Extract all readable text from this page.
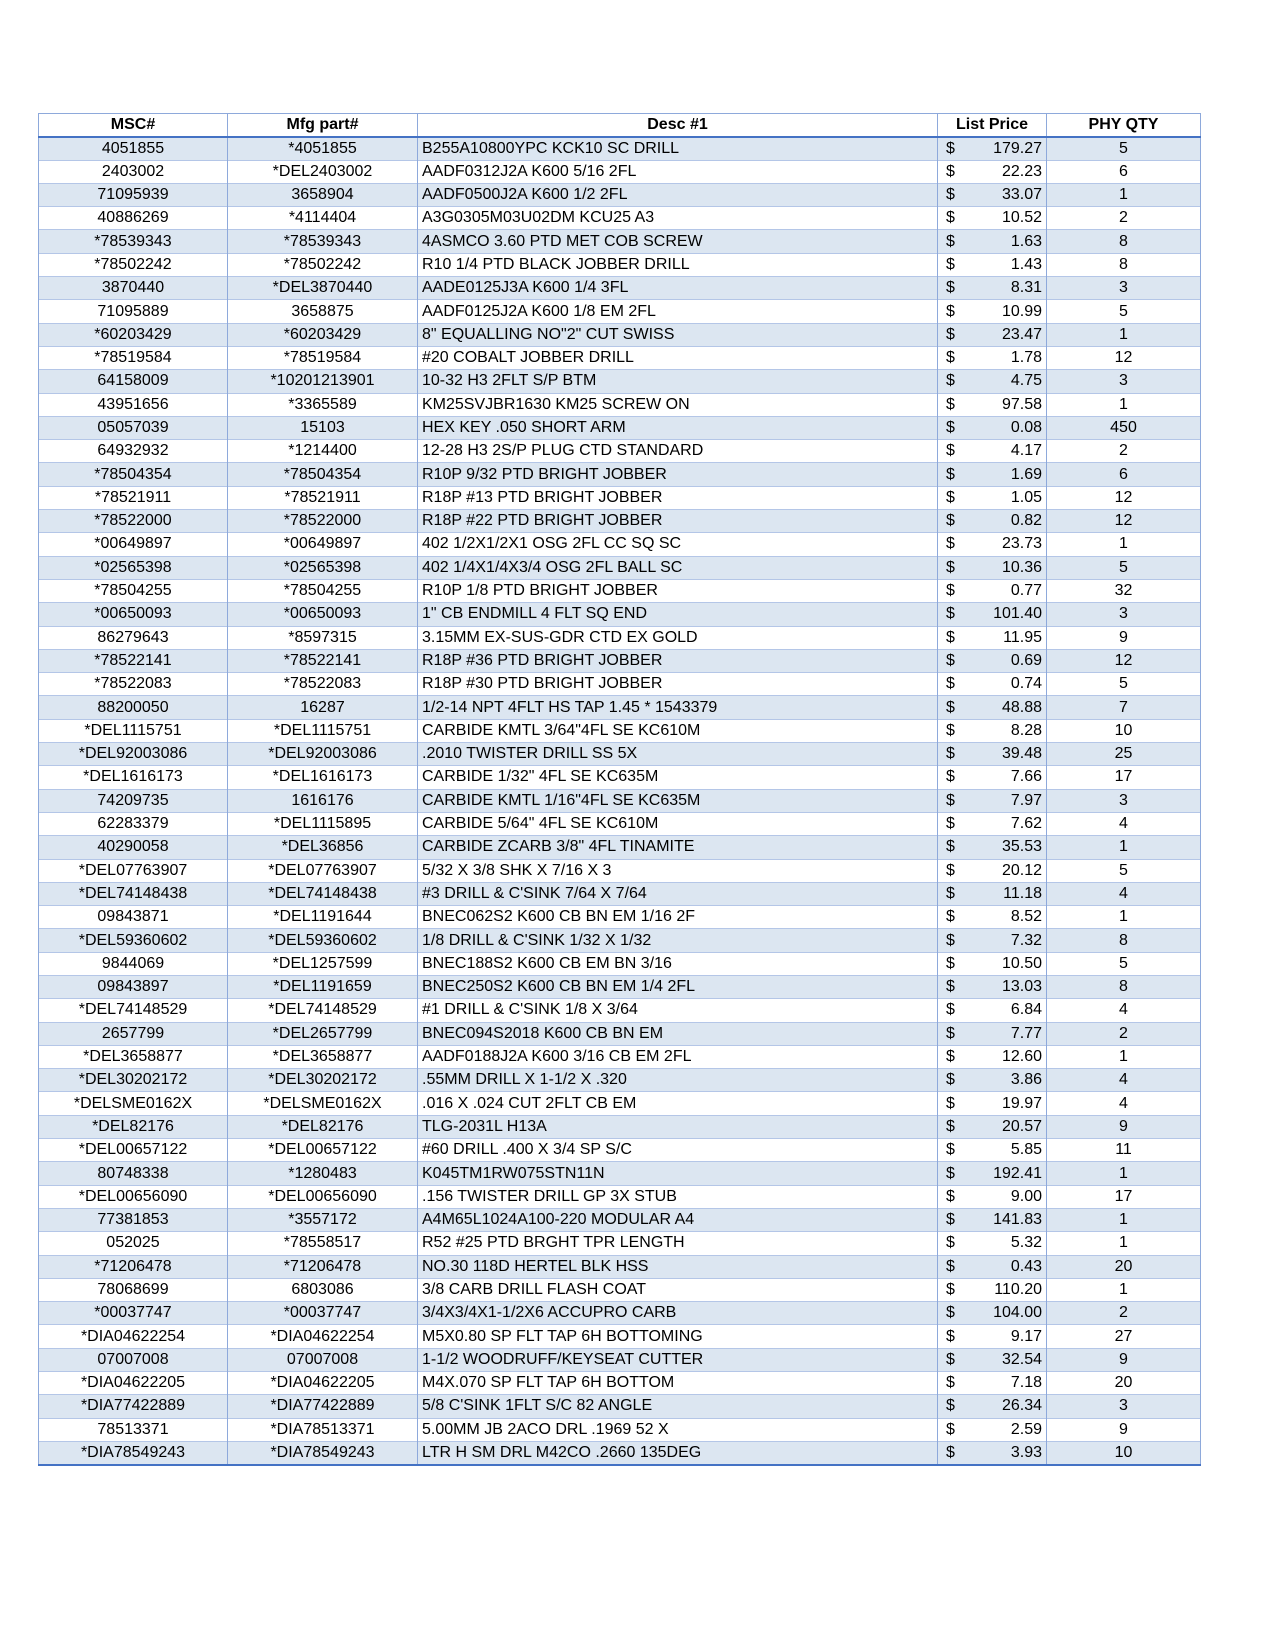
MSC#	Mfg part#	Desc #1	List Price	PHY QTY
4051855	*4051855	B255A10800YPC KCK10 SC DRILL	$ 179.27	5
2403002	*DEL2403002	AADF0312J2A K600 5/16 2FL	$ 22.23	6
71095939	3658904	AADF0500J2A K600 1/2 2FL	$ 33.07	1
40886269	*4114404	A3G0305M03U02DM KCU25 A3	$ 10.52	2
*78539343	*78539343	4ASMCO 3.60 PTD MET COB SCREW	$ 1.63	8
*78502242	*78502242	R10 1/4 PTD BLACK JOBBER DRILL	$ 1.43	8
3870440	*DEL3870440	AADE0125J3A K600 1/4 3FL	$ 8.31	3
71095889	3658875	AADF0125J2A K600 1/8 EM 2FL	$ 10.99	5
*60203429	*60203429	8" EQUALLING NO"2" CUT SWISS	$ 23.47	1
*78519584	*78519584	#20 COBALT JOBBER DRILL	$ 1.78	12
64158009	*10201213901	10-32 H3 2FLT S/P BTM	$ 4.75	3
43951656	*3365589	KM25SVJBR1630 KM25 SCREW ON	$ 97.58	1
05057039	15103	HEX KEY .050 SHORT ARM	$ 0.08	450
64932932	*1214400	12-28 H3 2S/P PLUG CTD STANDARD	$ 4.17	2
*78504354	*78504354	R10P 9/32 PTD BRIGHT JOBBER	$ 1.69	6
*78521911	*78521911	R18P #13 PTD BRIGHT JOBBER	$ 1.05	12
*78522000	*78522000	R18P #22 PTD BRIGHT JOBBER	$ 0.82	12
*00649897	*00649897	402 1/2X1/2X1 OSG 2FL CC SQ SC	$ 23.73	1
*02565398	*02565398	402 1/4X1/4X3/4 OSG 2FL BALL SC	$ 10.36	5
*78504255	*78504255	R10P 1/8 PTD BRIGHT JOBBER	$ 0.77	32
*00650093	*00650093	1" CB ENDMILL 4 FLT SQ END	$ 101.40	3
86279643	*8597315	3.15MM EX-SUS-GDR CTD EX GOLD	$ 11.95	9
*78522141	*78522141	R18P #36 PTD BRIGHT JOBBER	$ 0.69	12
*78522083	*78522083	R18P #30 PTD BRIGHT JOBBER	$ 0.74	5
88200050	16287	1/2-14 NPT 4FLT HS TAP 1.45 * 1543379	$ 48.88	7
*DEL1115751	*DEL1115751	CARBIDE KMTL 3/64"4FL SE KC610M	$ 8.28	10
*DEL92003086	*DEL92003086	.2010 TWISTER DRILL SS 5X	$ 39.48	25
*DEL1616173	*DEL1616173	CARBIDE 1/32" 4FL SE KC635M	$ 7.66	17
74209735	1616176	CARBIDE KMTL 1/16"4FL SE KC635M	$ 7.97	3
62283379	*DEL1115895	CARBIDE 5/64" 4FL SE KC610M	$ 7.62	4
40290058	*DEL36856	CARBIDE ZCARB 3/8" 4FL TINAMITE	$ 35.53	1
*DEL07763907	*DEL07763907	5/32 X 3/8 SHK X 7/16 X 3	$ 20.12	5
*DEL74148438	*DEL74148438	#3 DRILL & C'SINK 7/64 X 7/64	$ 11.18	4
09843871	*DEL1191644	BNEC062S2 K600 CB BN EM 1/16 2F	$ 8.52	1
*DEL59360602	*DEL59360602	1/8 DRILL & C'SINK 1/32 X 1/32	$ 7.32	8
9844069	*DEL1257599	BNEC188S2 K600 CB EM BN 3/16	$ 10.50	5
09843897	*DEL1191659	BNEC250S2 K600 CB BN EM 1/4 2FL	$ 13.03	8
*DEL74148529	*DEL74148529	#1 DRILL & C'SINK 1/8 X 3/64	$ 6.84	4
2657799	*DEL2657799	BNEC094S2018 K600 CB BN EM	$ 7.77	2
*DEL3658877	*DEL3658877	AADF0188J2A K600 3/16 CB EM 2FL	$ 12.60	1
*DEL30202172	*DEL30202172	.55MM DRILL X 1-1/2 X .320	$ 3.86	4
*DELSME0162X	*DELSME0162X	.016 X .024 CUT 2FLT CB EM	$ 19.97	4
*DEL82176	*DEL82176	TLG-2031L H13A	$ 20.57	9
*DEL00657122	*DEL00657122	#60 DRILL .400 X 3/4 SP S/C	$ 5.85	11
80748338	*1280483	K045TM1RW075STN11N	$ 192.41	1
*DEL00656090	*DEL00656090	.156 TWISTER DRILL GP 3X STUB	$ 9.00	17
77381853	*3557172	A4M65L1024A100-220 MODULAR A4	$ 141.83	1
052025	*78558517	R52 #25 PTD BRGHT TPR LENGTH	$ 5.32	1
*71206478	*71206478	NO.30 118D HERTEL BLK HSS	$ 0.43	20
78068699	6803086	3/8 CARB DRILL FLASH COAT	$ 110.20	1
*00037747	*00037747	3/4X3/4X1-1/2X6 ACCUPRO CARB	$ 104.00	2
*DIA04622254	*DIA04622254	M5X0.80 SP FLT TAP 6H BOTTOMING	$ 9.17	27
07007008	07007008	1-1/2 WOODRUFF/KEYSEAT CUTTER	$ 32.54	9
*DIA04622205	*DIA04622205	M4X.070 SP FLT TAP 6H BOTTOM	$ 7.18	20
*DIA77422889	*DIA77422889	5/8 C'SINK 1FLT S/C 82 ANGLE	$ 26.34	3
78513371	*DIA78513371	5.00MM JB 2ACO DRL .1969 52 X	$ 2.59	9
*DIA78549243	*DIA78549243	LTR H SM DRL M42CO .2660 135DEG	$ 3.93	10
